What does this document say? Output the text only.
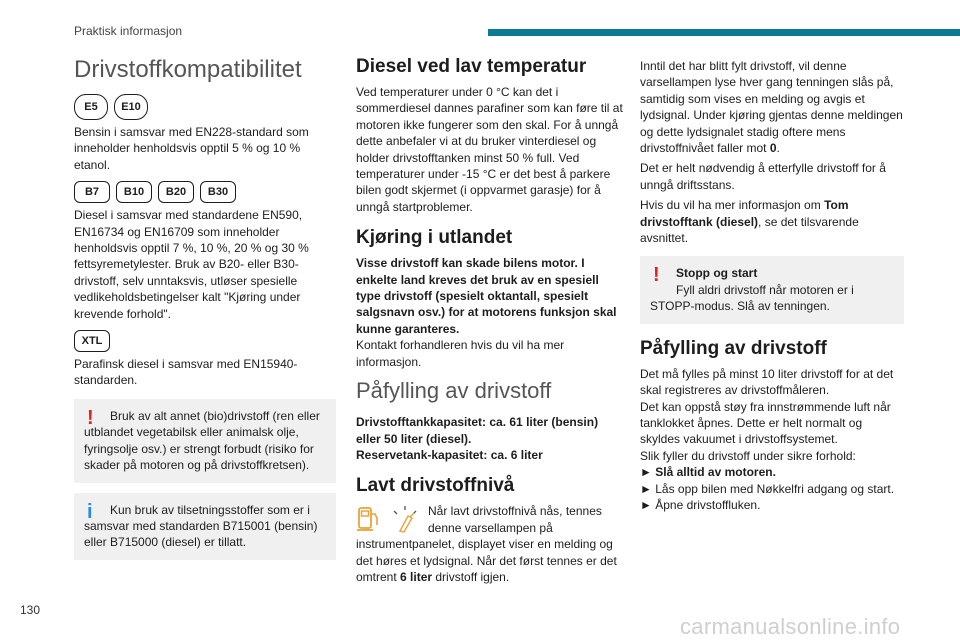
Praktisk informasjon
Drivstoffkompatibilitet
E5	E10

Bensin i samsvar med EN228-standard som inneholder henholdsvis opptil 5 % og 10 % etanol.

B7	B10	B20	B30

Diesel i samsvar med standardene EN590, EN16734 og EN16709 som inneholder henholdsvis opptil 7 %, 10 %, 20 % og 30 % fettsyremetylester. Bruk av B20- eller B30-drivstoff, selv unntaksvis, utløser spesielle vedlikeholdsbetingelser kalt "Kjøring under krevende forhold".

XTL

Parafinsk diesel i samsvar med EN15940-standarden.

!	Bruk av alt annet (bio)drivstoff (ren eller utblandet vegetabilsk eller animalsk olje, fyringsolje osv.) er strengt forbudt (risiko for skader på motoren og på drivstoffkretsen).
i	Kun bruk av tilsetningsstoffer som er i samsvar med standarden B715001 (bensin) eller B715000 (diesel) er tillatt.
Diesel ved lav temperatur

Ved temperaturer under 0 °C kan det i sommerdiesel dannes parafiner som kan føre til at motoren ikke fungerer som den skal. For å unngå dette anbefaler vi at du bruker vinterdiesel og holder drivstofftanken minst 50 % full. Ved temperaturer under -15 °C er det best å parkere bilen godt skjermet (i oppvarmet garasje) for å unngå startproblemer.

Kjøring i utlandet

Visse drivstoff kan skade bilens motor. I enkelte land kreves det bruk av en spesiell type drivstoff (spesielt oktantall, spesielt salgsnavn osv.) for at motorens funksjon skal kunne garanteres.

Kontakt forhandleren hvis du vil ha mer informasjon.

Påfylling av drivstoff

Drivstofftankkapasitet: ca. 61 liter (bensin) eller 50 liter (diesel).

Reservetank-kapasitet: ca. 6 liter

Lavt drivstoffnivå

Når lavt drivstoffnivå nås, tennes denne varsellampen på instrumentpanelet, displayet viser en melding og det høres et lydsignal. Når det først tennes er det omtrent 6 liter drivstoff igjen.

Inntil det har blitt fylt drivstoff, vil denne varsellampen lyse hver gang tenningen slås på, samtidig som vises en melding og avgis et lydsignal. Under kjøring gjentas denne meldingen og dette lydsignalet stadig oftere mens drivstoffnivået faller mot 0.

Det er helt nødvendig å etterfylle drivstoff for å unngå driftsstans.

Hvis du vil ha mer informasjon om Tom drivstofftank (diesel), se det tilsvarende avsnittet.

!	Stopp og start
Fyll aldri drivstoff når motoren er i STOPP-modus. Slå av tenningen.
Påfylling av drivstoff

Det må fylles på minst 10 liter drivstoff for at det skal registreres av drivstoffmåleren.

Det kan oppstå støy fra innstrømmende luft når tanklokket åpnes. Dette er helt normalt og skyldes vakuumet i drivstoffsystemet.

Slik fyller du drivstoff under sikre forhold:

► Slå alltid av motoren.
► Lås opp bilen med Nøkkelfri adgang og start.
► Åpne drivstoffluken.
130
carmanualsonline.info
